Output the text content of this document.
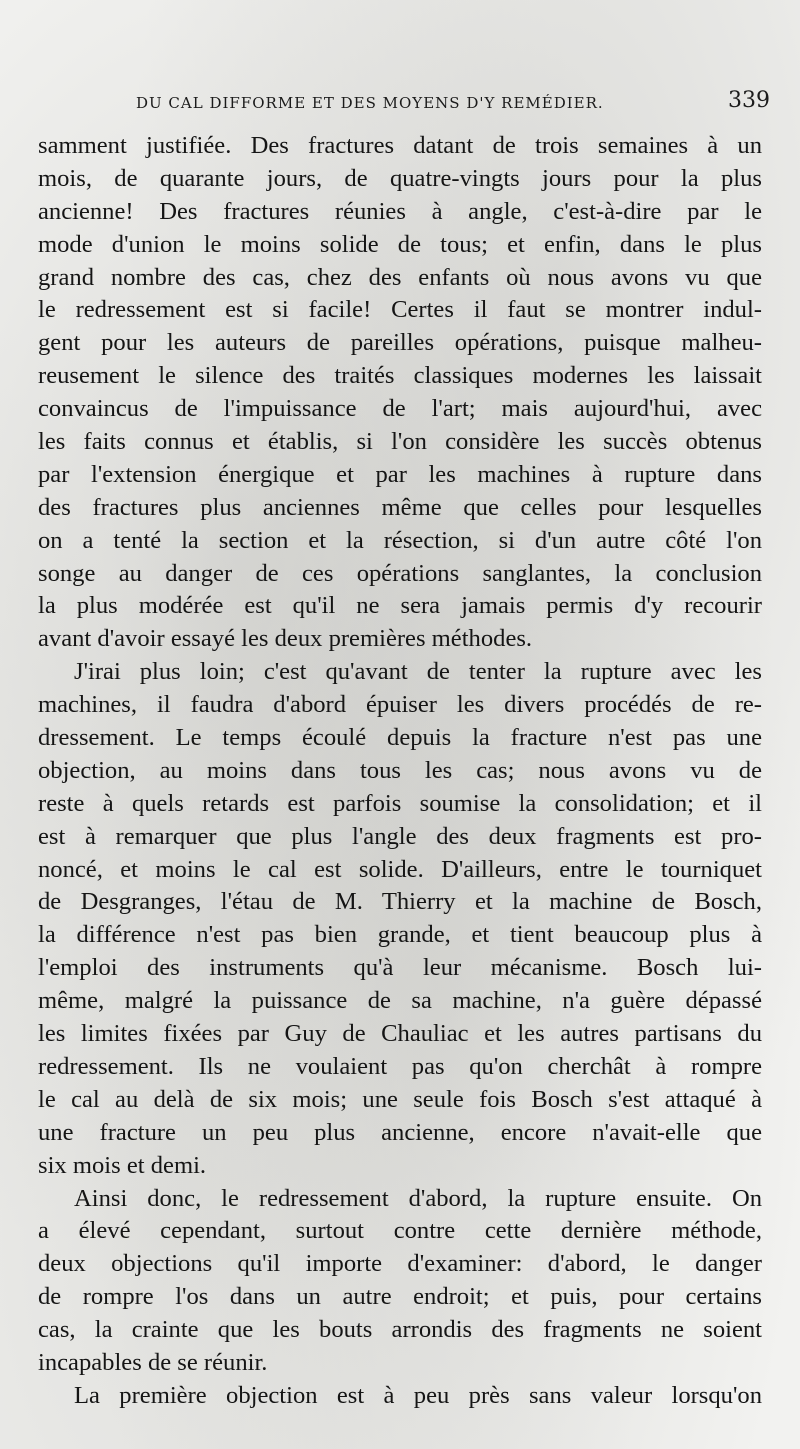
DU CAL DIFFORME ET DES MOYENS D'Y REMÉDIER.	339
samment justifiée. Des fractures datant de trois semaines à un
mois, de quarante jours, de quatre-vingts jours pour la plus
ancienne! Des fractures réunies à angle, c'est-à-dire par le
mode d'union le moins solide de tous; et enfin, dans le plus
grand nombre des cas, chez des enfants où nous avons vu que
le redressement est si facile! Certes il faut se montrer indul-
gent pour les auteurs de pareilles opérations, puisque malheu-
reusement le silence des traités classiques modernes les laissait
convaincus de l'impuissance de l'art; mais aujourd'hui, avec
les faits connus et établis, si l'on considère les succès obtenus
par l'extension énergique et par les machines à rupture dans
des fractures plus anciennes même que celles pour lesquelles
on a tenté la section et la résection, si d'un autre côté l'on
songe au danger de ces opérations sanglantes, la conclusion
la plus modérée est qu'il ne sera jamais permis d'y recourir
avant d'avoir essayé les deux premières méthodes.
J'irai plus loin; c'est qu'avant de tenter la rupture avec les
machines, il faudra d'abord épuiser les divers procédés de re-
dressement. Le temps écoulé depuis la fracture n'est pas une
objection, au moins dans tous les cas; nous avons vu de
reste à quels retards est parfois soumise la consolidation; et il
est à remarquer que plus l'angle des deux fragments est pro-
noncé, et moins le cal est solide. D'ailleurs, entre le tourniquet
de Desgranges, l'étau de M. Thierry et la machine de Bosch,
la différence n'est pas bien grande, et tient beaucoup plus à
l'emploi des instruments qu'à leur mécanisme. Bosch lui-
même, malgré la puissance de sa machine, n'a guère dépassé
les limites fixées par Guy de Chauliac et les autres partisans du
redressement. Ils ne voulaient pas qu'on cherchât à rompre
le cal au delà de six mois; une seule fois Bosch s'est attaqué à
une fracture un peu plus ancienne, encore n'avait-elle que
six mois et demi.
Ainsi donc, le redressement d'abord, la rupture ensuite. On
a élevé cependant, surtout contre cette dernière méthode,
deux objections qu'il importe d'examiner: d'abord, le danger
de rompre l'os dans un autre endroit; et puis, pour certains
cas, la crainte que les bouts arrondis des fragments ne soient
incapables de se réunir.
La première objection est à peu près sans valeur lorsqu'on
